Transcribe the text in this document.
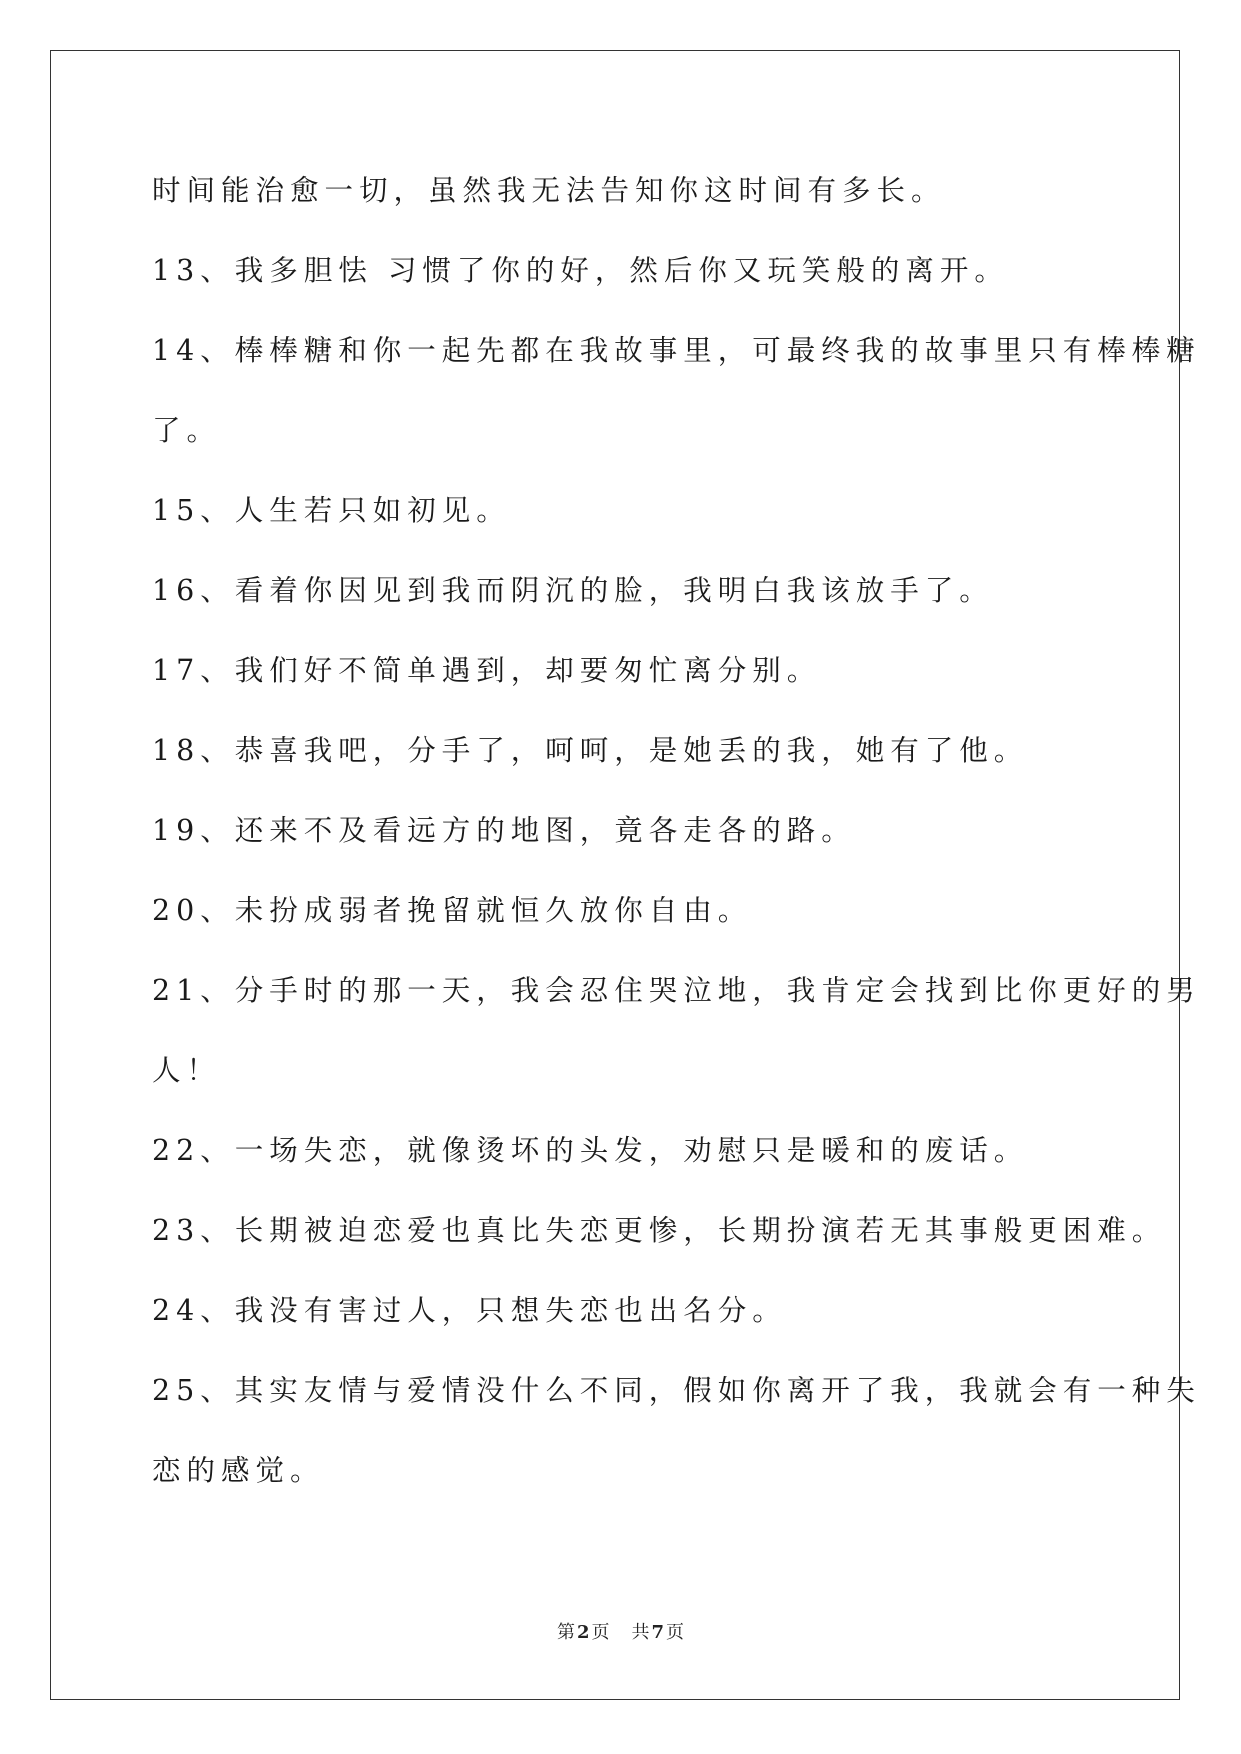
时间能治愈一切，虽然我无法告知你这时间有多长。
13、我多胆怯 习惯了你的好，然后你又玩笑般的离开。
14、棒棒糖和你一起先都在我故事里，可最终我的故事里只有棒棒糖
了。
15、人生若只如初见。
16、看着你因见到我而阴沉的脸，我明白我该放手了。
17、我们好不简单遇到，却要匆忙离分别。
18、恭喜我吧，分手了，呵呵，是她丢的我，她有了他。
19、还来不及看远方的地图，竟各走各的路。
20、未扮成弱者挽留就恒久放你自由。
21、分手时的那一天，我会忍住哭泣地，我肯定会找到比你更好的男
人！
22、一场失恋，就像烫坏的头发，劝慰只是暖和的废话。
23、长期被迫恋爱也真比失恋更惨，长期扮演若无其事般更困难。
24、我没有害过人，只想失恋也出名分。
25、其实友情与爱情没什么不同，假如你离开了我，我就会有一种失
恋的感觉。
第 2 页 共 7 页
